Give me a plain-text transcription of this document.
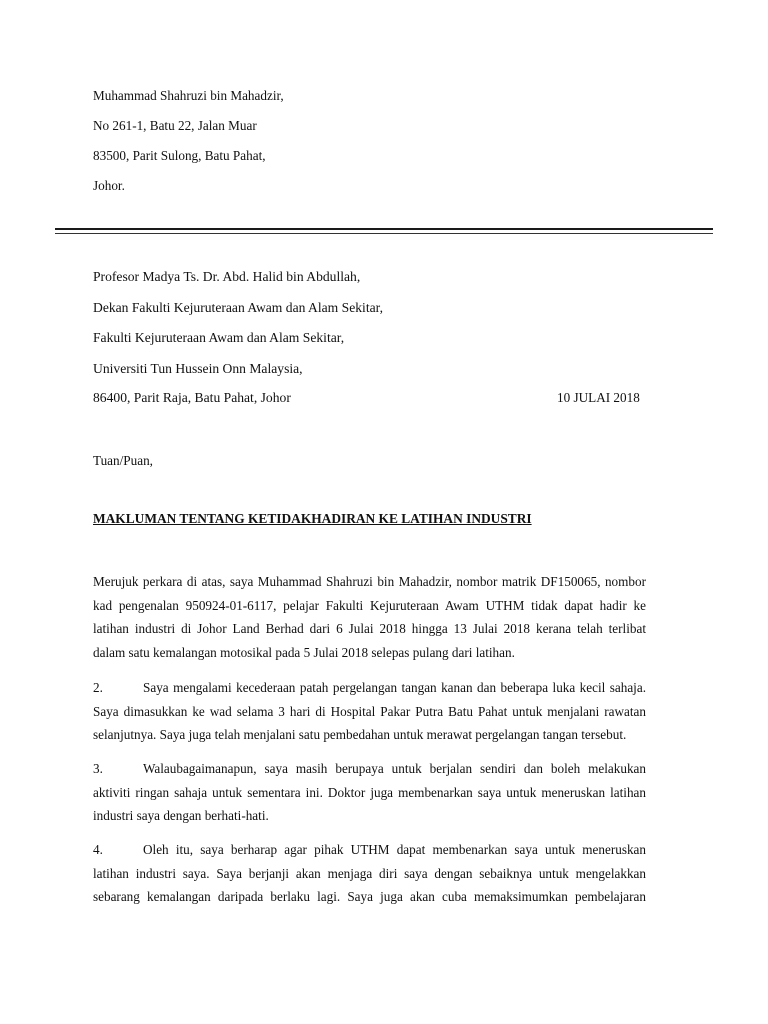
Muhammad Shahruzi bin Mahadzir,
No 261-1, Batu 22, Jalan Muar
83500, Parit Sulong, Batu Pahat,
Johor.
Profesor Madya Ts. Dr. Abd. Halid bin Abdullah,
Dekan Fakulti Kejuruteraan Awam dan Alam Sekitar,
Fakulti Kejuruteraan Awam dan Alam Sekitar,
Universiti Tun Hussein Onn Malaysia,
86400, Parit Raja, Batu Pahat, Johor	10 JULAI 2018
Tuan/Puan,
MAKLUMAN TENTANG KETIDAKHADIRAN KE LATIHAN INDUSTRI
Merujuk perkara di atas, saya Muhammad Shahruzi bin Mahadzir, nombor matrik DF150065, nombor
kad pengenalan 950924-01-6117, pelajar Fakulti Kejuruteraan Awam UTHM tidak dapat hadir ke
latihan industri di Johor Land Berhad dari 6 Julai 2018 hingga 13 Julai 2018 kerana telah terlibat
dalam satu kemalangan motosikal pada 5 Julai 2018 selepas pulang dari latihan.
2.	Saya mengalami kecederaan patah pergelangan tangan kanan dan beberapa luka kecil sahaja.
Saya dimasukkan ke wad selama 3 hari di Hospital Pakar Putra Batu Pahat untuk menjalani rawatan
selanjutnya. Saya juga telah menjalani satu pembedahan untuk merawat pergelangan tangan tersebut.
3.	Walaubagaimanapun, saya masih berupaya untuk berjalan sendiri dan boleh melakukan
aktiviti ringan sahaja untuk sementara ini. Doktor juga membenarkan saya untuk meneruskan latihan
industri saya dengan berhati-hati.
4.	Oleh itu, saya berharap agar pihak UTHM dapat membenarkan saya untuk meneruskan
latihan industri saya. Saya berjanji akan menjaga diri saya dengan sebaiknya untuk mengelakkan
sebarang kemalangan daripada berlaku lagi. Saya juga akan cuba memaksimumkan pembelajaran
